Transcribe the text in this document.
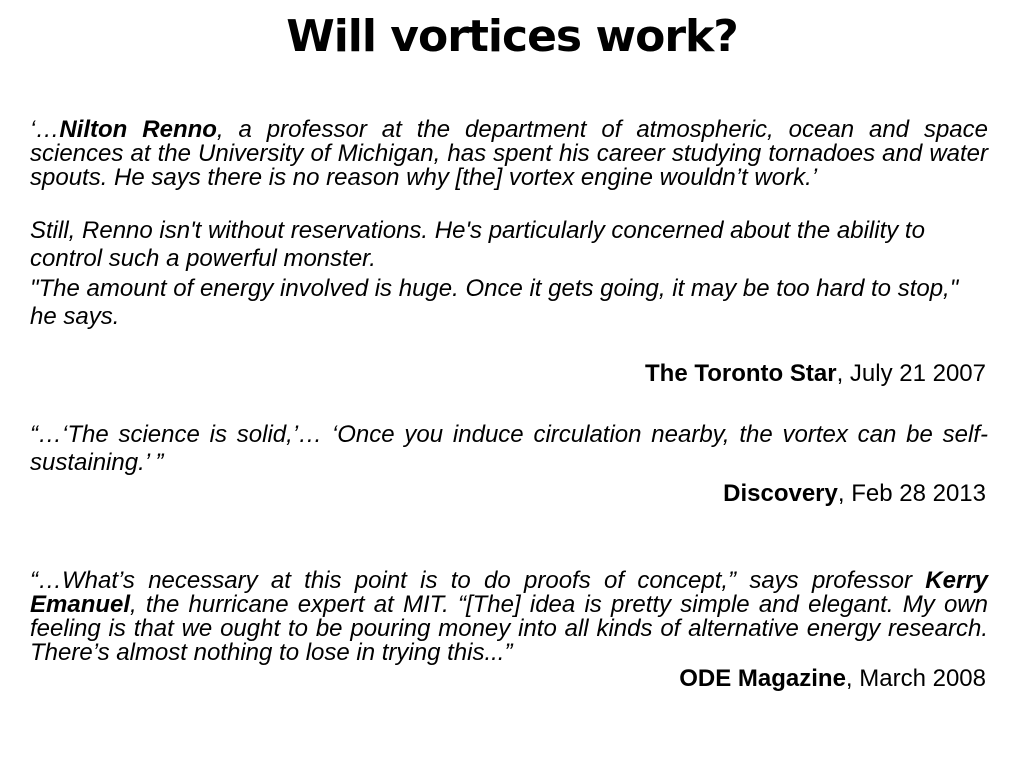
Will vortices work?

‘…Nilton Renno, a professor at the department of atmospheric, ocean and space sciences at the University of Michigan, has spent his career studying tornadoes and water spouts. He says there is no reason why [the] vortex engine wouldn’t work.’

Still, Renno isn't without reservations. He's particularly concerned about the ability to control such a powerful monster.

"The amount of energy involved is huge. Once it gets going, it may be too hard to stop," he says.

The Toronto Star, July 21 2007

“…‘The science is solid,’… ‘Once you induce circulation nearby, the vortex can be self-sustaining.’ ”

Discovery, Feb 28 2013

“…What’s necessary at this point is to do proofs of concept,” says professor Kerry Emanuel, the hurricane expert at MIT. “[The] idea is pretty simple and elegant. My own feeling is that we ought to be pouring money into all kinds of alternative energy research. There’s almost nothing to lose in trying this...”

ODE Magazine, March 2008
